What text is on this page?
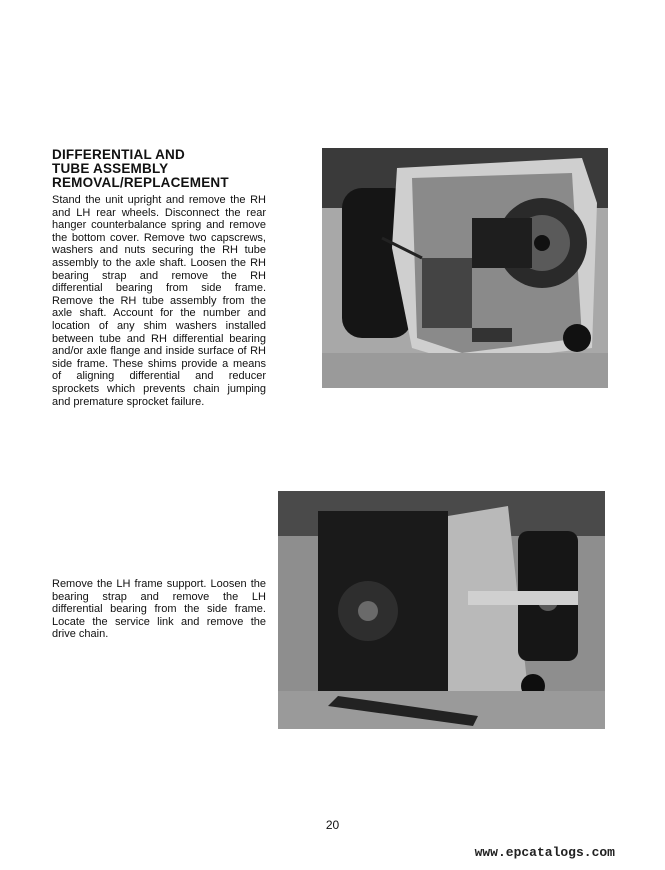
DIFFERENTIAL AND
TUBE ASSEMBLY
REMOVAL/REPLACEMENT

Stand the unit upright and remove the RH and LH rear wheels. Disconnect the rear hanger counterbalance spring and remove the bottom cover. Remove two capscrews, washers and nuts securing the RH tube assembly to the axle shaft. Loosen the RH bearing strap and remove the RH differential bearing from side frame. Remove the RH tube assembly from the axle shaft. Account for the number and location of any shim washers installed between tube and RH differential bearing and/or axle flange and inside surface of RH side frame. These shims provide a means of aligning differential and reducer sprockets which prevents chain jumping and premature sprocket failure.

Remove the LH frame support. Loosen the bearing strap and remove the LH differential bearing from the side frame. Locate the service link and remove the drive chain.

20
www.epcatalogs.com
